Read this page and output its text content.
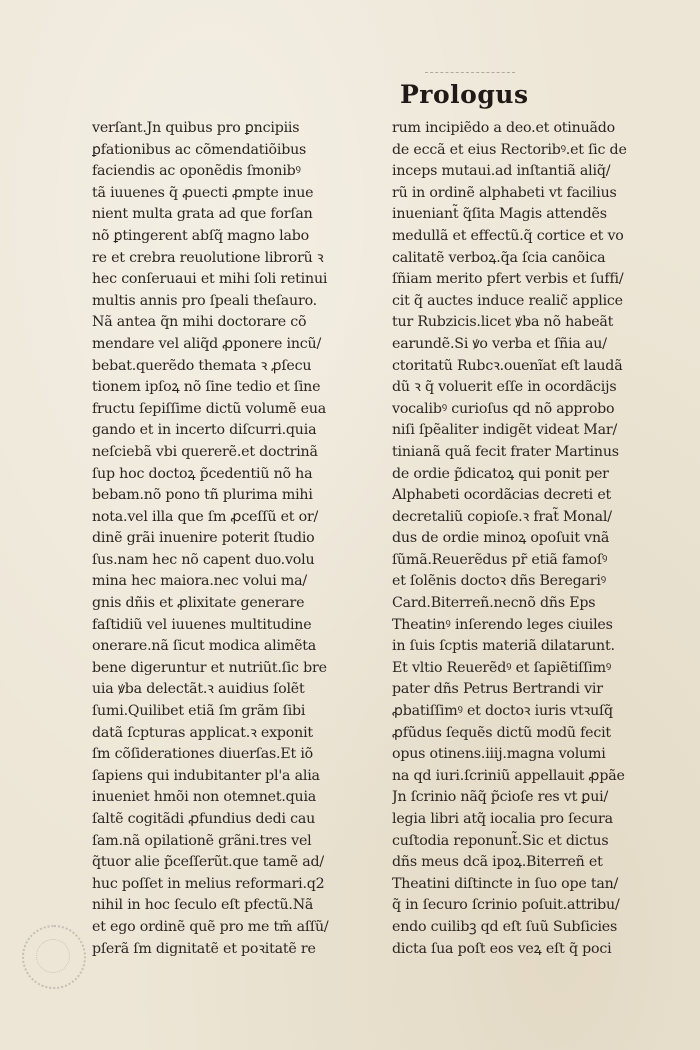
Prologus
verſant.Jn quibus pro ꝑncipiis
ꝑfationibus ac cõmendatiõibus
faciendis ac oponẽdis ſmonibꝰ
tã iuuenes q̃ ꝓuecti ꝓmpte inue
nient multa grata ad que forſan
nõ ꝑtingerent abſq̃ magno labo
re et crebra reuolutione librorũ ꝛ
hec conſeruaui et mihi ſoli retinui
multis annis pro ſpeali theſauro.
Nã antea q̃n mihi doctorare cõ
mendare vel aliq̃d ꝓponere incũ/
bebat.querẽdo themata ꝛ ꝓſecu
tionem ipſoꝝ nõ ſine tedio et ſine
fructu ſepiſſime dictũ volumẽ eua
gando et in incerto diſcurri.quia
neſciebã vbi quererẽ.et doctrinã
ſup hoc doctoꝝ p̃cedentiũ nõ ha
bebam.nõ pono tñ plurima mihi
nota.vel illa que ſm ꝓceſſũ et or/
dinẽ grãi inuenire poterit ſtudio
ſus.nam hec nõ capent duo.volu
mina hec maiora.nec volui ma/
gnis dñis et ꝓlixitate generare
faſtidiũ vel iuuenes multitudine
onerare.nã ſicut modica alimẽta
bene digeruntur et nutriũt.ſic bre
uia ꝟba delectãt.ꝛ auidius ſolẽt
ſumi.Quilibet etiã ſm grãm ſibi
datã ſcpturas applicat.ꝛ exponit
ſm cõſiderationes diuerſas.Et iõ
ſapiens qui indubitanter pl'a alia
inueniet hmõi non otemnet.quia
ſaltẽ cogitãdi ꝓfundius dedi cau
ſam.nã opilationẽ grãni.tres vel
q̃tuor alie p̃ceſſerũt.que tamẽ ad/
huc poſſet in melius reformari.q2
nihil in hoc ſeculo eſt pfectũ.Nã
et ego ordinẽ quẽ pro me tm̃ aſſũ/
pſerã ſm dignitatẽ et poꝛitatẽ re
rum incipiẽdo a deo.et otinuãdo
de eccã et eius Rectoribꝰ.et ſic de
inceps mutaui.ad inſtantiã aliq̃/
rũ in ordinẽ alphabeti vt facilius
inueniant̃ q̃ſita Magis attendẽs
medullã et effectũ.q̃ cortice et vo
calitatẽ verboꝝ.q̃a ſcia canõica
ſñiam merito pfert verbis et ſuffi/
cit q̃ auctes induce realic̃ applice
tur Rubzicis.licet ꝟba nõ habeãt
earundẽ.Si ꝟo verba et ſñia au/
ctoritatũ Rubcꝛ.ouenĩat eſt laudã
dũ ꝛ q̃ voluerit eſſe in ocordãcijs
vocalibꝰ curioſus qd nõ approbo
niſi ſpẽaliter indigẽt videat Mar/
tinianã quã fecit frater Martinus
de ordie p̃dicatoꝝ qui ponit per
Alphabeti ocordãcias decreti et
decretaliũ copioſe.ꝛ frat̃ Monal/
dus de ordie minoꝝ opoſuit vnã
ſũmã.Reuerẽdus pr̃ etiã famoſꝰ
et ſolẽnis doctoꝛ dñs Beregariꝰ
Card.Biterreñ.necnõ dñs Eps
Theatinꝰ inſerendo leges ciuiles
in ſuis ſcptis materiã dilatarunt.
Et vltio Reuerẽdꝰ et ſapiẽtiſſimꝰ
pater dñs Petrus Bertrandi vir
ꝓbatiſſimꝰ et doctoꝛ iuris vtꝛuſq̃
ꝓfũdus ſequẽs dictũ modũ fecit
opus otinens.iiij.magna volumi
na qd iuri.ſcriniũ appellauit ꝓpãe
Jn ſcrinio nãq̃ p̃cioſe res vt ꝑui/
legia libri atq̃ iocalia pro ſecura
cuſtodia reponunt̃.Sic et dictus
dñs meus dcã ipoꝝ.Biterreñ et
Theatini diſtincte in ſuo ope tan/
q̃ in ſecuro ſcrinio poſuit.attribu/
endo cuilibꝫ qd eſt ſuũ Subſicies
dicta ſua poſt eos veꝝ eſt q̃ poci
